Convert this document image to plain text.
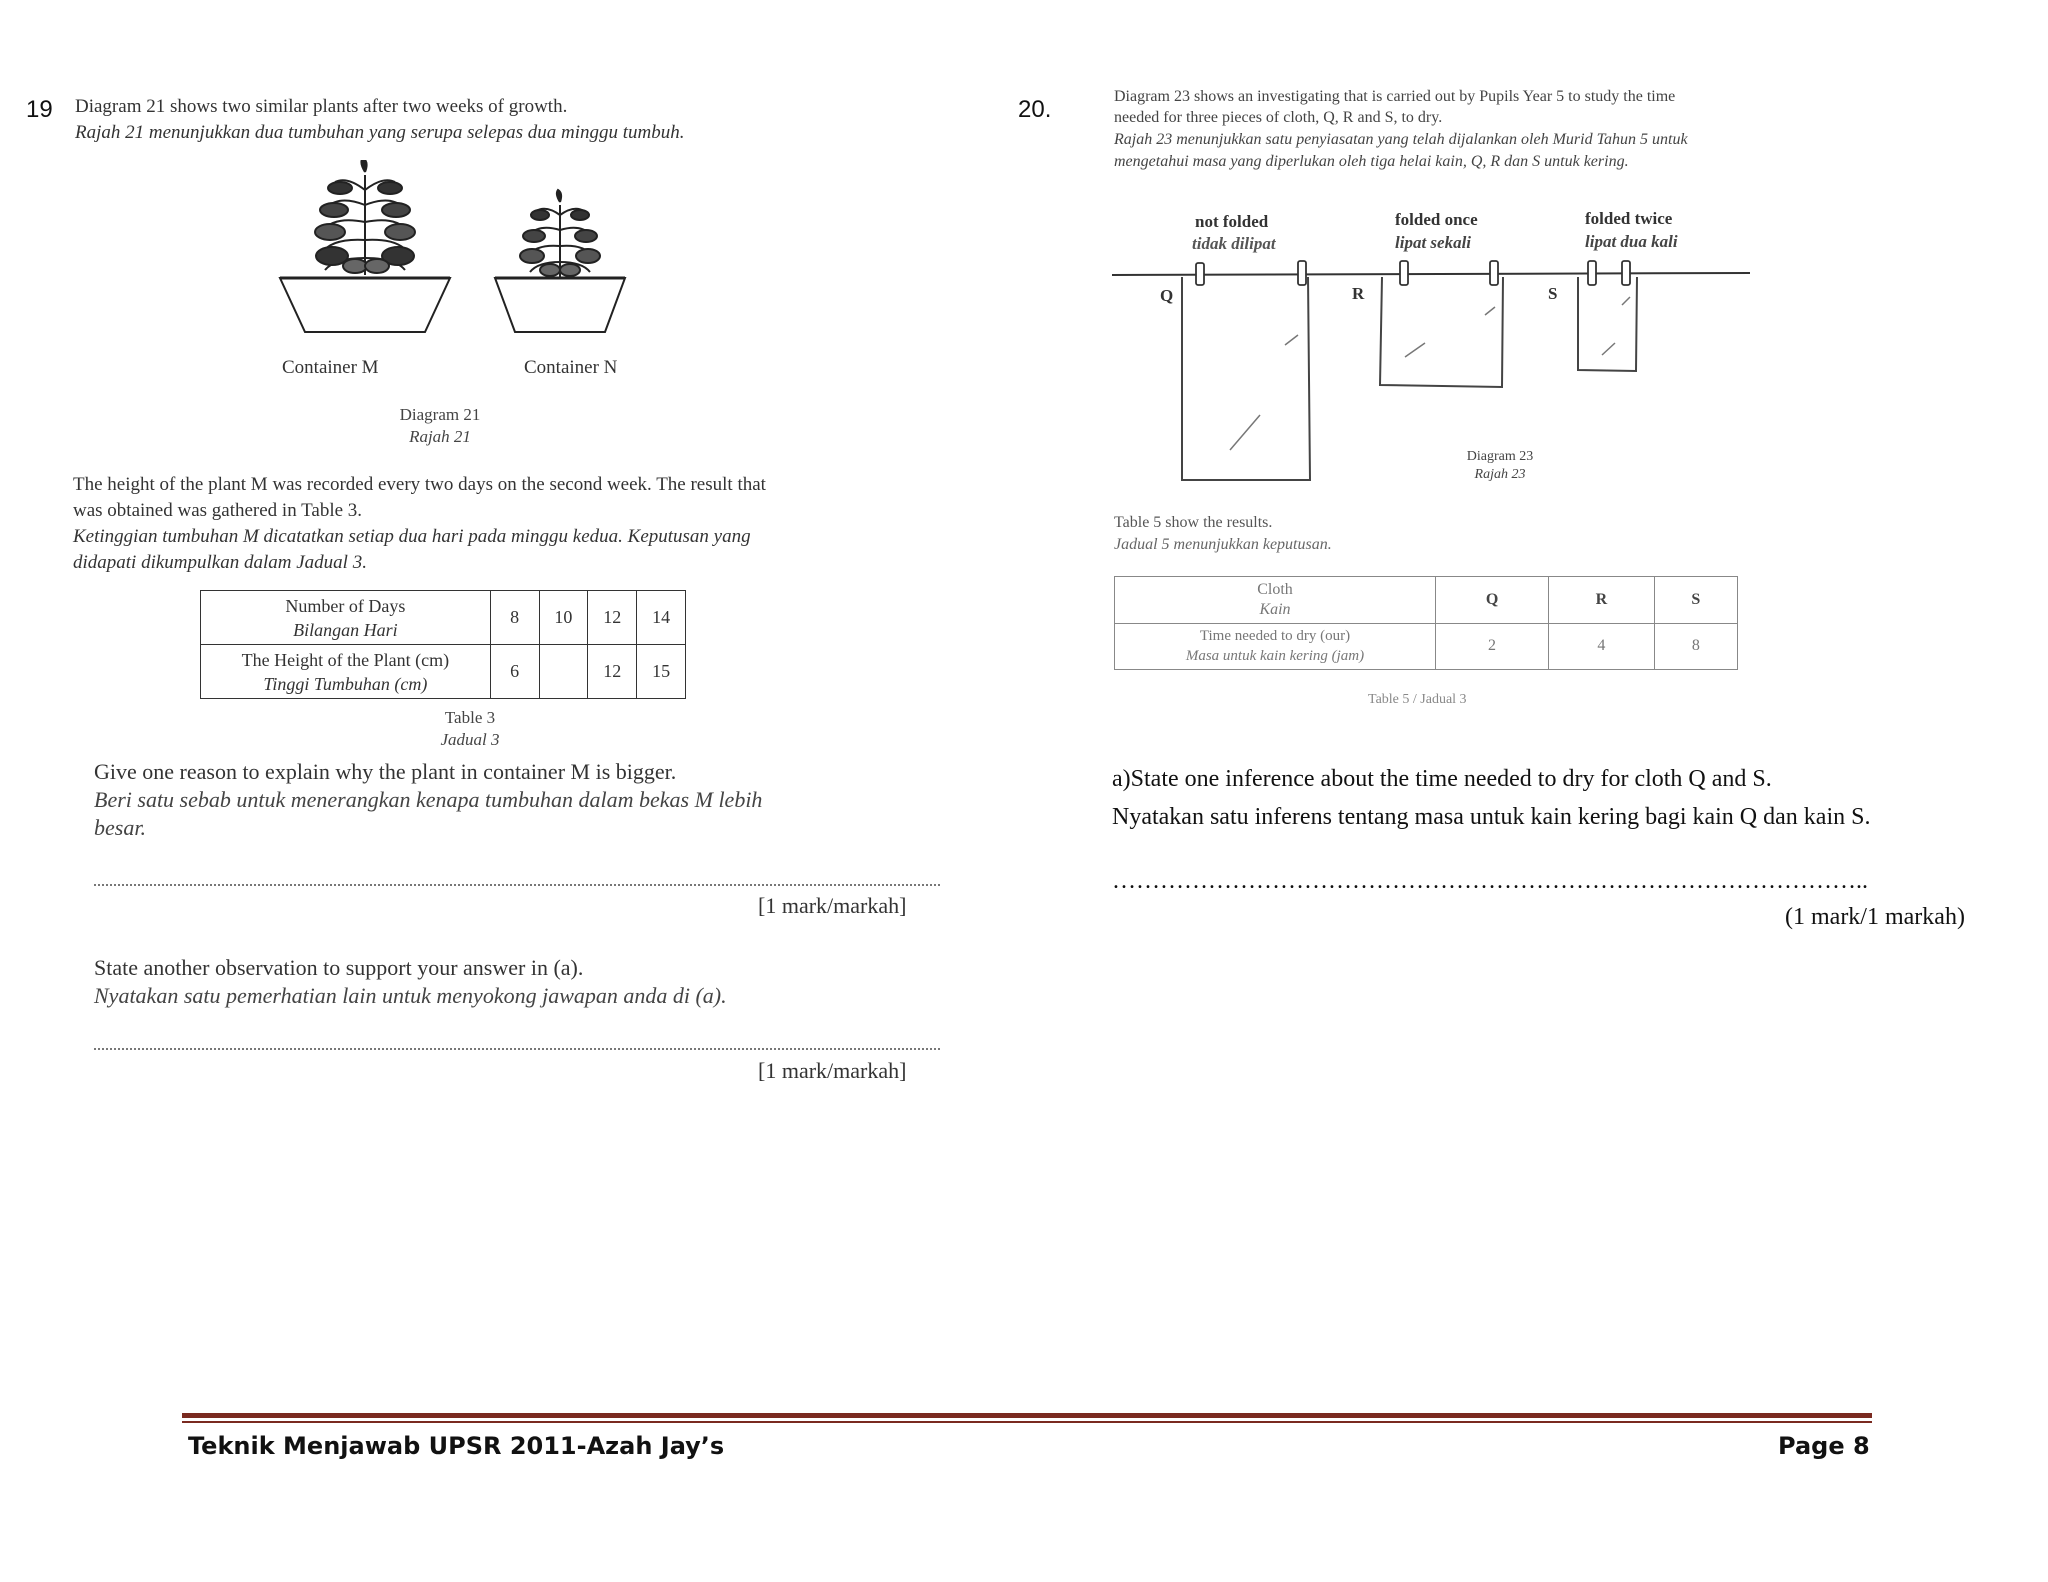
19 Diagram 21 shows two similar plants after two weeks of growth.
Rajah 21 menunjukkan dua tumbuhan yang serupa selepas dua minggu tumbuh.
Container M	Container N
Diagram 21
Rajah 21
The height of the plant M was recorded every two days on the second week. The result that
was obtained was gathered in Table 3.
Ketinggian tumbuhan M dicatatkan setiap dua hari pada minggu kedua. Keputusan yang
didapati dikumpulkan dalam Jadual 3.
Number of Days
Bilangan Hari	8	10	12	14

The Height of the Plant (cm)
Tinggi Tumbuhan (cm)	6		12	15
Table 3
Jadual 3
Give one reason to explain why the plant in container M is bigger.
Beri satu sebab untuk menerangkan kenapa tumbuhan dalam bekas M lebih
besar.
[1 mark/markah]
State another observation to support your answer in (a).
Nyatakan satu pemerhatian lain untuk menyokong jawapan anda di (a).
[1 mark/markah]
20.	Diagram 23 shows an investigating that is carried out by Pupils Year 5 to study the time
needed for three pieces of cloth, Q, R and S, to dry.
Rajah 23 menunjukkan satu penyiasatan yang telah dijalankan oleh Murid Tahun 5 untuk
mengetahui masa yang diperlukan oleh tiga helai kain, Q, R dan S untuk kering.
not folded
tidak dilipat
folded once
lipat sekali
folded twice
lipat dua kali
Q	R	S
Diagram 23
Rajah 23
Table 5 show the results.
Jadual 5 menunjukkan keputusan.
Cloth
Kain	Q	R	S

Time needed to dry (our)
Masa untuk kain kering (jam)	2	4	8
Table 5 / Jadual 3
a)State one inference about the time needed to dry for cloth Q and S.
Nyatakan satu inferens tentang masa untuk kain kering bagi kain Q dan kain S.
…………………………………………………………………………………..
(1 mark/1 markah)
Teknik Menjawab UPSR 2011-Azah Jay’s	Page 8
